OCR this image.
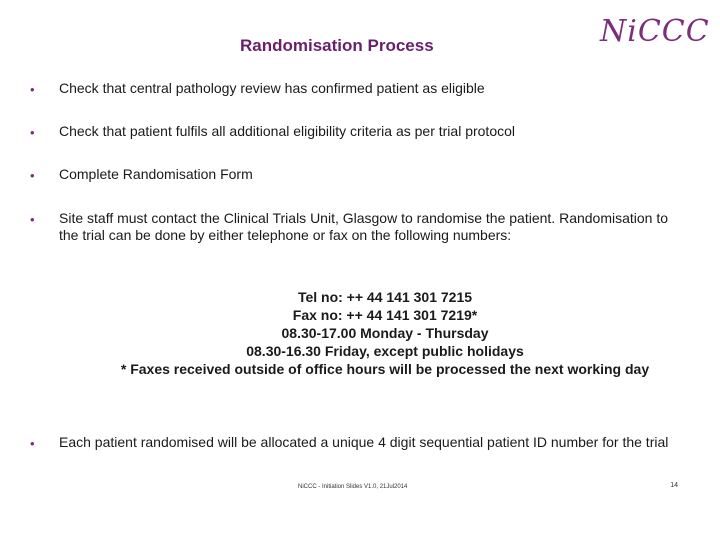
Randomisation Process	NiCCC
• Check that central pathology review has confirmed patient as eligible
• Check that patient fulfils all additional eligibility criteria as per trial protocol
• Complete Randomisation Form
• Site staff must contact the Clinical Trials Unit, Glasgow to randomise the patient. Randomisation to the trial can be done by either telephone or fax on the following numbers:
Tel no: ++ 44 141 301 7215
Fax no: ++ 44 141 301 7219*
08.30-17.00 Monday - Thursday
08.30-16.30 Friday, except public holidays
* Faxes received outside of office hours will be processed the next working day
• Each patient randomised will be allocated a unique 4 digit sequential patient ID number for the trial
NiCCC - Initiation Slides V1.0, 21Jul2014	14
